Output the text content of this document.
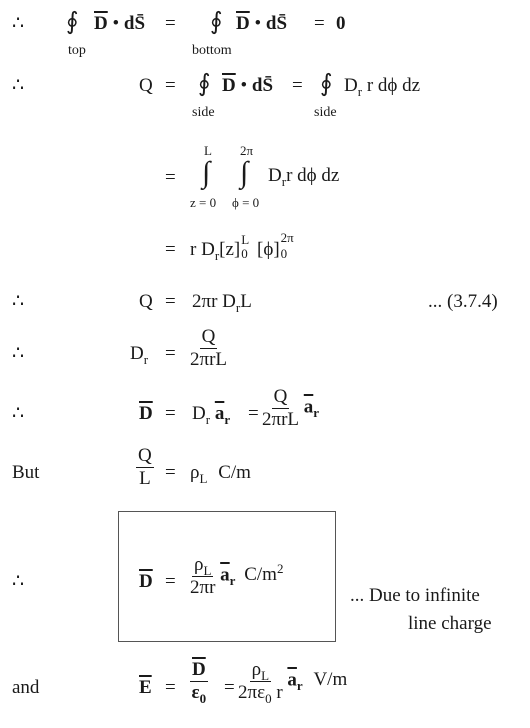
∴ ∮
top
$\overline{D}$ • dS̄ = ∮
bottom
$\overline{D}$ • dS̄ = 0
∴	Q = ∮
side
$\overline{D}$ • dS̄ = ∮
side
$D_r$ r dϕ dz
L 2π
= ∫ ∫ $D_rr$ dϕ dz
z = 0 ϕ = 0
= r $D_r[z]$ L
0 [ϕ]
2π
0
∴	Q = 2πr $D_rL$	... (3.7.4)
∴	$D_r = \frac{Q}{\text{2πrL}}$
∴	$\overline{D} = D_r$ $\overline{a}_r = \frac{Q}{\text{2πrL}} \overline{a}_r$
But	$\frac{Q}{L} = \rho_L$ C/m
∴	$\overline{D} = \frac{\rho_L}{2\pi r} \overline{a}_r$ $C/m^2$
... Due to infinite
line charge
and	$\overline{E} = \frac{\overline{D}}{\varepsilon_0} = \frac{\rho_L}{2\pi\varepsilon_0 r} \overline{a}_r$ V/m
